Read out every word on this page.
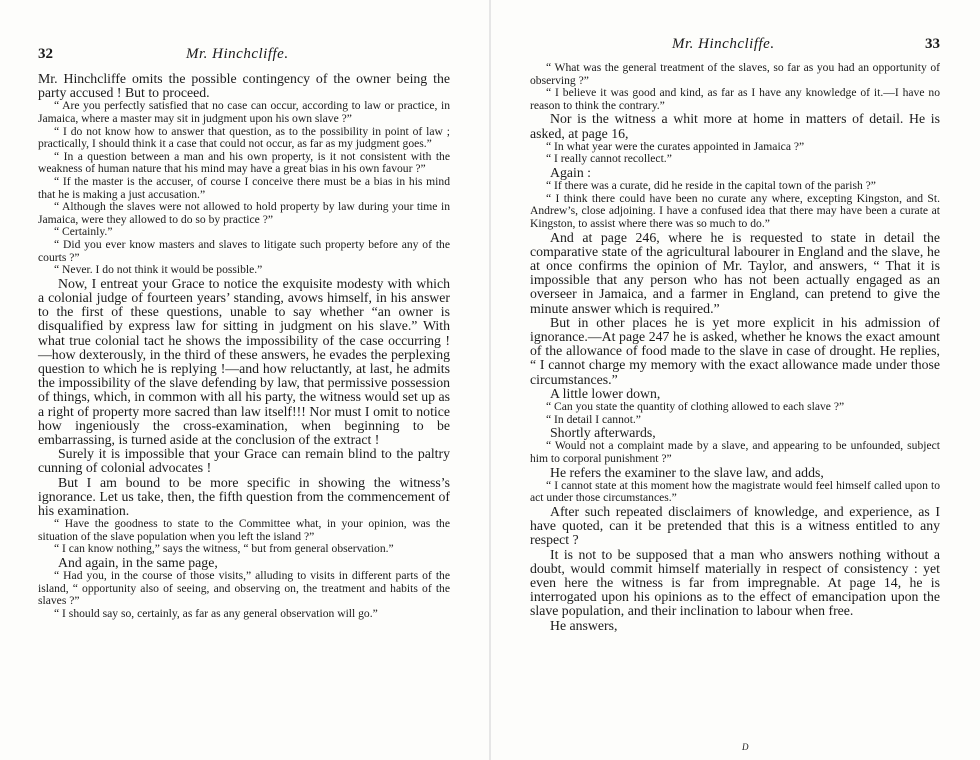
32	Mr. Hinchcliffe.

Mr. Hinchcliffe omits the possible contingency of the owner being the party accused ! But to proceed.

“ Are you perfectly satisfied that no case can occur, according to law or practice, in Jamaica, where a master may sit in judgment upon his own slave ?”

“ I do not know how to answer that question, as to the possibility in point of law ; practically, I should think it a case that could not occur, as far as my judgment goes.”

“ In a question between a man and his own property, is it not consistent with the weakness of human nature that his mind may have a great bias in his own favour ?”

“ If the master is the accuser, of course I conceive there must be a bias in his mind that he is making a just accusation.”

“ Although the slaves were not allowed to hold property by law during your time in Jamaica, were they allowed to do so by practice ?”

“ Certainly.”

“ Did you ever know masters and slaves to litigate such property before any of the courts ?”

“ Never. I do not think it would be possible.”

Now, I entreat your Grace to notice the exquisite modesty with which a colonial judge of fourteen years’ standing, avows himself, in his answer to the first of these questions, unable to say whether “an owner is disqualified by express law for sitting in judgment on his slave.” With what true colonial tact he shows the impossibility of the case occurring !—how dexterously, in the third of these answers, he evades the perplexing question to which he is replying !—and how reluctantly, at last, he admits the impossibility of the slave defending by law, that permissive possession of things, which, in common with all his party, the witness would set up as a right of property more sacred than law itself!!! Nor must I omit to notice how ingeniously the cross-examination, when beginning to be embarrassing, is turned aside at the conclusion of the extract !

Surely it is impossible that your Grace can remain blind to the paltry cunning of colonial advocates !

But I am bound to be more specific in showing the witness’s ignorance. Let us take, then, the fifth question from the commencement of his examination.

“ Have the goodness to state to the Committee what, in your opinion, was the situation of the slave population when you left the island ?”

“ I can know nothing,” says the witness, “ but from general observation.”

And again, in the same page,

“ Had you, in the course of those visits,” alluding to visits in different parts of the island, “ opportunity also of seeing, and observing on, the treatment and habits of the slaves ?”

“ I should say so, certainly, as far as any general observation will go.”

Mr. Hinchcliffe.	33

“ What was the general treatment of the slaves, so far as you had an opportunity of observing ?”

“ I believe it was good and kind, as far as I have any knowledge of it.—I have no reason to think the contrary.”

Nor is the witness a whit more at home in matters of detail. He is asked, at page 16,

“ In what year were the curates appointed in Jamaica ?”

“ I really cannot recollect.”

Again :

“ If there was a curate, did he reside in the capital town of the parish ?”

“ I think there could have been no curate any where, excepting Kingston, and St. Andrew’s, close adjoining. I have a confused idea that there may have been a curate at Kingston, to assist where there was so much to do.”

And at page 246, where he is requested to state in detail the comparative state of the agricultural labourer in England and the slave, he at once confirms the opinion of Mr. Taylor, and answers, “ That it is impossible that any person who has not been actually engaged as an overseer in Jamaica, and a farmer in England, can pretend to give the minute answer which is required.”

But in other places he is yet more explicit in his admission of ignorance.—At page 247 he is asked, whether he knows the exact amount of the allowance of food made to the slave in case of drought. He replies, “ I cannot charge my memory with the exact allowance made under those circumstances.”

A little lower down,

“ Can you state the quantity of clothing allowed to each slave ?”

“ In detail I cannot.”

Shortly afterwards,

“ Would not a complaint made by a slave, and appearing to be unfounded, subject him to corporal punishment ?”

He refers the examiner to the slave law, and adds,

“ I cannot state at this moment how the magistrate would feel himself called upon to act under those circumstances.”

After such repeated disclaimers of knowledge, and experience, as I have quoted, can it be pretended that this is a witness entitled to any respect ?

It is not to be supposed that a man who answers nothing without a doubt, would commit himself materially in respect of consistency : yet even here the witness is far from impregnable. At page 14, he is interrogated upon his opinions as to the effect of emancipation upon the slave population, and their inclination to labour when free.

He answers,

D
